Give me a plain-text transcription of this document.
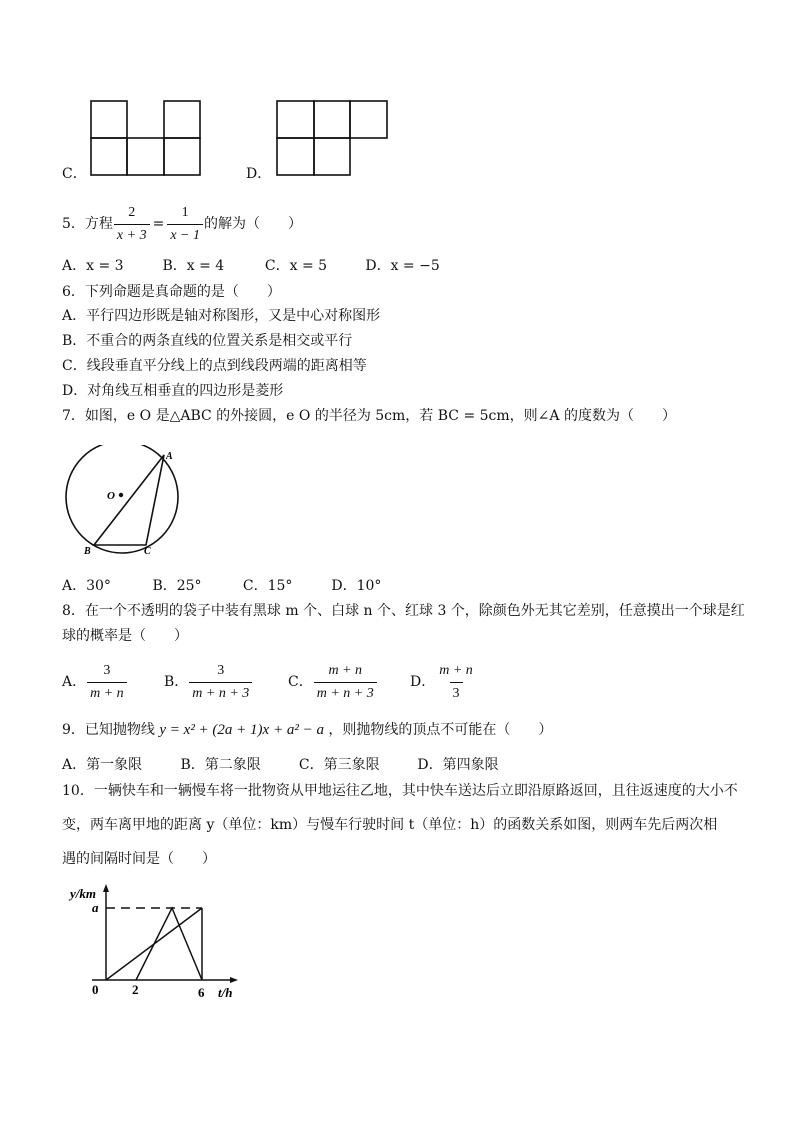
C．	D．
5．方程 $\frac{2}{x + 3} = \frac{1}{x - 1}$ 的解为（　　）
A．x = 3	B．x = 4	C．x = 5	D．x = −5
6．下列命题是真命题的是（　　）
A．平行四边形既是轴对称图形，又是中心对称图形
B．不重合的两条直线的位置关系是相交或平行
C．线段垂直平分线上的点到线段两端的距离相等
D．对角线互相垂直的四边形是菱形
7．如图，e O 是△ABC 的外接圆，e O 的半径为 5cm，若 BC = 5cm，则∠A 的度数为（　　）
O
A
B	C
A．30°	B．25°	C．15°	D．10°
8．在一个不透明的袋子中装有黑球 m 个、白球 n 个、红球 3 个，除颜色外无其它差别，任意摸出一个球是红
球的概率是（　　）
A． $\frac{3}{m + n}$	B． $\frac{3}{m + n + 3}$	C． $\frac{m + n}{m + n + 3}$ D． $\frac{m + n}{3}$
9．已知抛物线 y = x² + (2a + 1)x + a² − a ，则抛物线的顶点不可能在（　　）
A．第一象限	B．第二象限	C．第三象限	D．第四象限
10．一辆快车和一辆慢车将一批物资从甲地运往乙地，其中快车送达后立即沿原路返回，且往返速度的大小不
变，两车离甲地的距离 y（单位：km）与慢车行驶时间 t（单位：h）的函数关系如图，则两车先后两次相
遇的间隔时间是（　　）
y/km
a
0	2	6 t/h
